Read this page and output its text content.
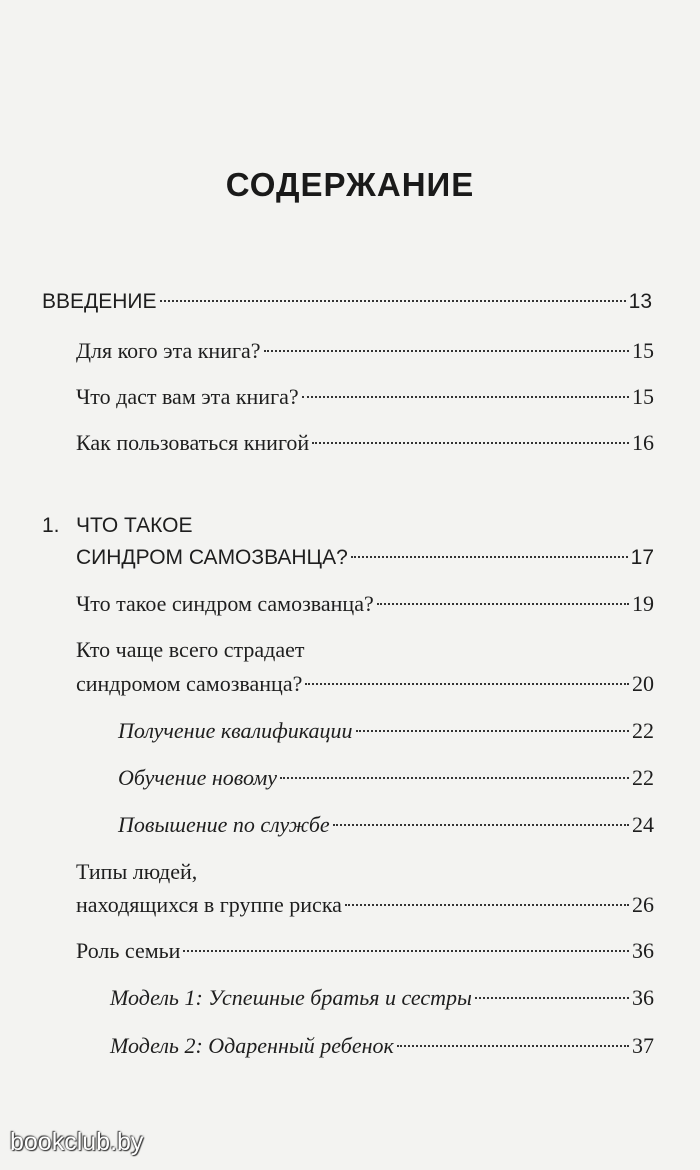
СОДЕРЖАНИЕ
ВВЕДЕНИЕ	13
Для кого эта книга?	15
Что даст вам эта книга?	15
Как пользоваться книгой	16
1. ЧТО ТАКОЕ
СИНДРОМ САМОЗВАНЦА?	17
Что такое синдром самозванца?	19
Кто чаще всего страдает
синдромом самозванца?	20
Получение квалификации	22
Обучение новому	22
Повышение по службе	24
Типы людей,
находящихся в группе риска	26
Роль семьи	36
Модель 1: Успешные братья и сестры	36
Модель 2: Одаренный ребенок	37
bookclub.by
